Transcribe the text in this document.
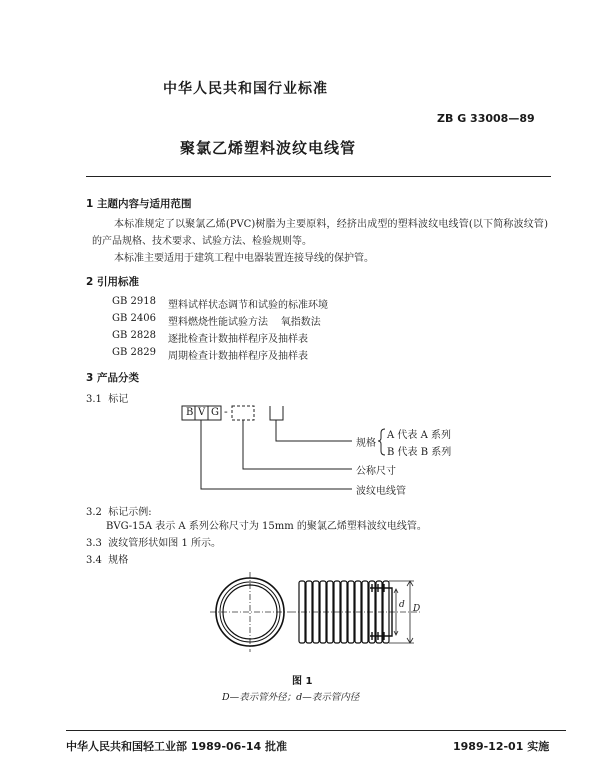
中华人民共和国行业标准
ZB G 33008—89
聚氯乙烯塑料波纹电线管
1 主题内容与适用范围
本标准规定了以聚氯乙烯(PVC)树脂为主要原料，经挤出成型的塑料波纹电线管(以下简称波纹管)的产品规格、技术要求、试验方法、检验规则等。
本标准主要适用于建筑工程中电器装置连接导线的保护管。
2 引用标准
GB 2918 塑料试样状态调节和试验的标准环境
GB 2406 塑料燃烧性能试验方法    氧指数法
GB 2828 逐批检查计数抽样程序及抽样表
GB 2829 周期检查计数抽样程序及抽样表
3 产品分类
3.1  标记
B V G -
规格
A 代表 A 系列
B 代表 B 系列
公称尺寸
波纹电线管
3.2  标记示例:
BVG-15A 表示 A 系列公称尺寸为 15mm 的聚氯乙烯塑料波纹电线管。
3.3  波纹管形状如图 1 所示。
3.4  规格
d D
图 1
D—表示管外径；d—表示管内径
中华人民共和国轻工业部 1989-06-14 批准	1989-12-01 实施
